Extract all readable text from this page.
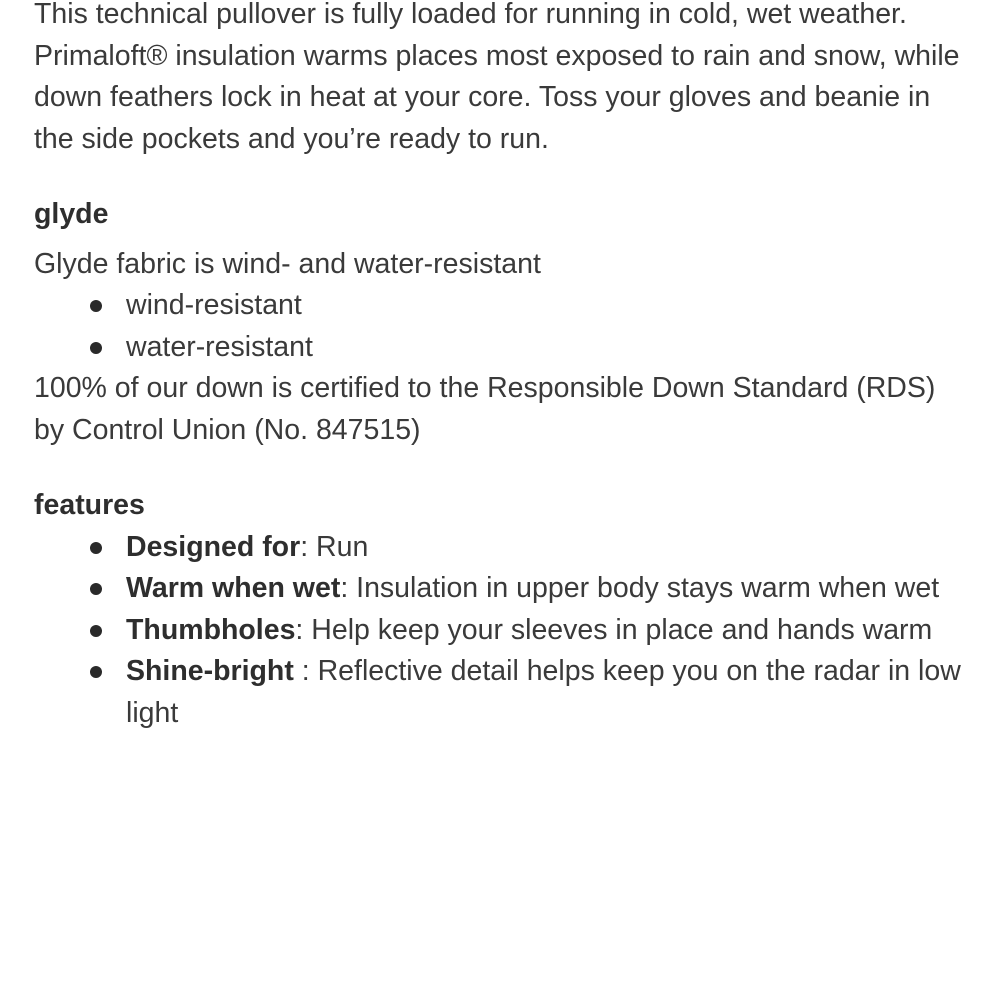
This technical pullover is fully loaded for running in cold, wet weather. Primaloft® insulation warms places most exposed to rain and snow, while down feathers lock in heat at your core. Toss your gloves and beanie in the side pockets and you’re ready to run.

glyde

Glyde fabric is wind- and water-resistant

wind-resistant
water-resistant

100% of our down is certified to the Responsible Down Standard (RDS) by Control Union (No. 847515)

features
Designed for: Run
Warm when wet: Insulation in upper body stays warm when wet
Thumbholes: Help keep your sleeves in place and hands warm
Shine-bright : Reflective detail helps keep you on the radar in low light
